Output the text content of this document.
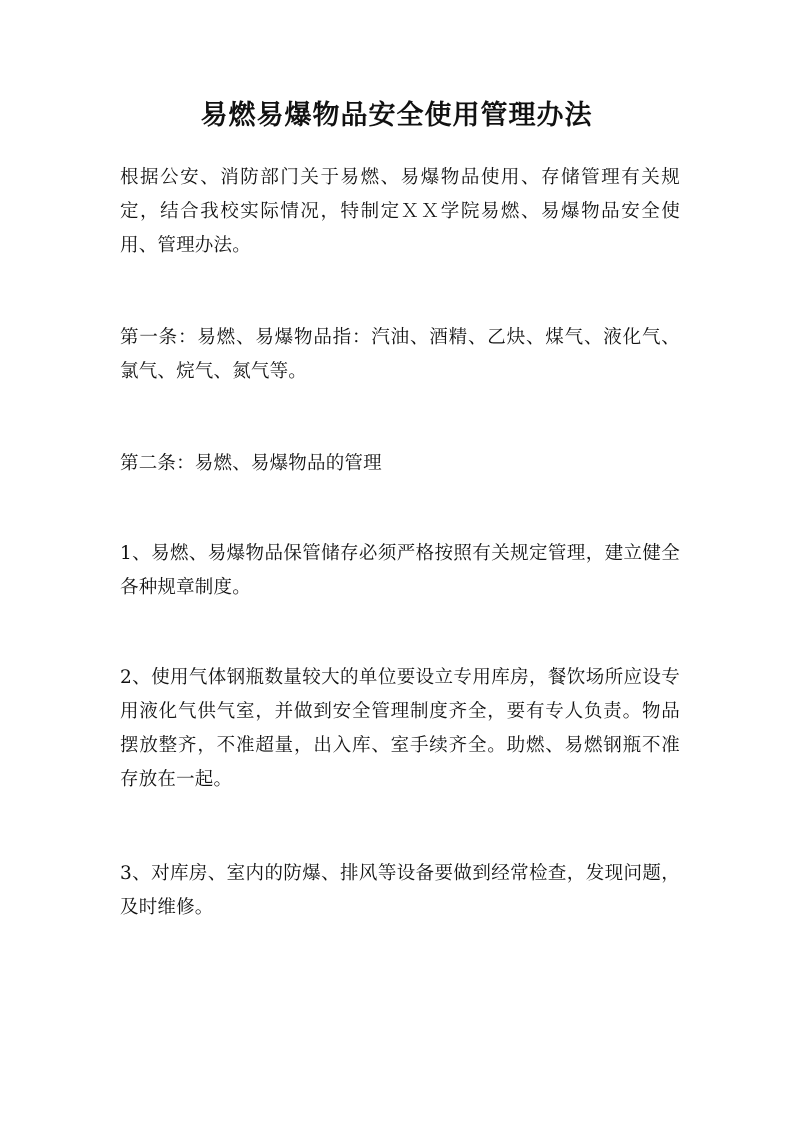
易燃易爆物品安全使用管理办法

根据公安、消防部门关于易燃、易爆物品使用、存储管理有关规定，结合我校实际情况，特制定ＸＸ学院易燃、易爆物品安全使用、管理办法。

第一条：易燃、易爆物品指：汽油、酒精、乙炔、煤气、液化气、氯气、烷气、氮气等。

第二条：易燃、易爆物品的管理

1、易燃、易爆物品保管储存必须严格按照有关规定管理，建立健全各种规章制度。

2、使用气体钢瓶数量较大的单位要设立专用库房，餐饮场所应设专用液化气供气室，并做到安全管理制度齐全，要有专人负责。物品摆放整齐，不准超量，出入库、室手续齐全。助燃、易燃钢瓶不准存放在一起。

3、对库房、室内的防爆、排风等设备要做到经常检查，发现问题，及时维修。
